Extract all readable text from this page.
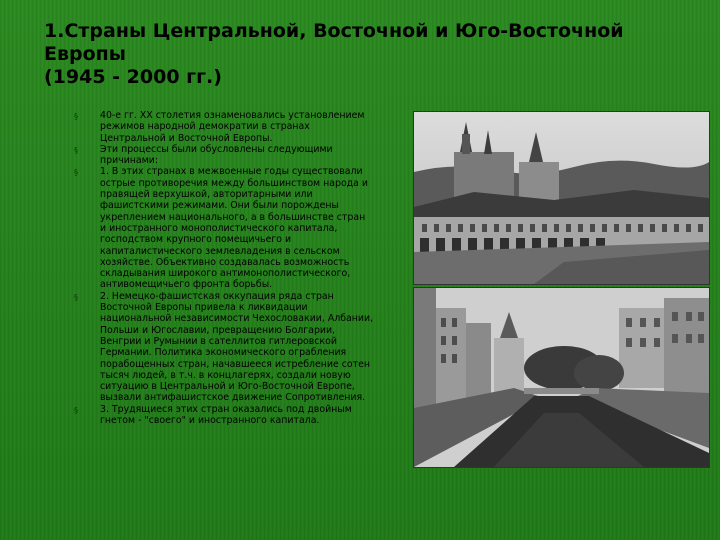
1.Страны Центральной, Восточной и Юго-Восточной
Европы
(1945 - 2000 гг.)
§ 40-е гг. XX столетия ознаменовались установлением режимов народной демократии в странах Центральной и Восточной Европы.
§ Эти процессы были обусловлены следующими причинами:
§ 1. В этих странах в межвоенные годы существовали острые противоречия между большинством народа и правящей верхушкой, авторитарными или фашистскими режимами. Они были порождены укреплением национального, а в большинстве стран и иностранного монополистического капитала, господством крупного помещичьего и капиталистического землевладения в сельском хозяйстве. Объективно создавалась возможность складывания широкого антимонополистического, антивомещичьего фронта борьбы.
§ 2. Немецко-фашистская оккупация ряда стран Восточной Европы привела к ликвидации национальной независимости Чехословакии, Албании, Польши и Югославии, превращению Болгарии, Венгрии и Румынии в сателлитов гитлеровской Германии. Политика экономического ограбления порабощенных стран, начавшееся истребление сотен тысяч людей, в т.ч. в концлагерях, создали новую ситуацию в Центральной и Юго-Восточной Европе, вызвали антифашистское движение Сопротивления.
§ 3. Трудящиеся этих стран оказались под двойным гнетом - "своего" и иностранного капитала.
